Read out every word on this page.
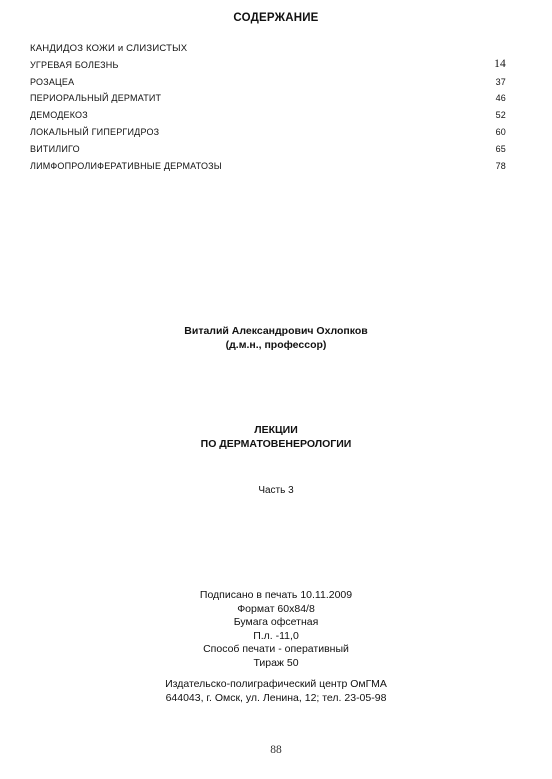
СОДЕРЖАНИЕ
КАНДИДОЗ КОЖИ и СЛИЗИСТЫХ
УГРЕВАЯ БОЛЕЗНЬ	14
РОЗАЦЕА	37
ПЕРИОРАЛЬНЫЙ ДЕРМАТИТ	46
ДЕМОДЕКОЗ	52
ЛОКАЛЬНЫЙ ГИПЕРГИДРОЗ	60
ВИТИЛИГО	65
ЛИМФОПРОЛИФЕРАТИВНЫЕ ДЕРМАТОЗЫ	78
Виталий Александрович Охлопков
(д.м.н., профессор)
ЛЕКЦИИ
ПО ДЕРМАТОВЕНЕРОЛОГИИ
Часть 3
Подписано в печать 10.11.2009
Формат 60x84/8
Бумага офсетная
П.л. -11,0
Способ печати - оперативный
Тираж 50
Издательско-полиграфический центр ОмГМА
644043, г. Омск, ул. Ленина, 12; тел. 23-05-98
88
